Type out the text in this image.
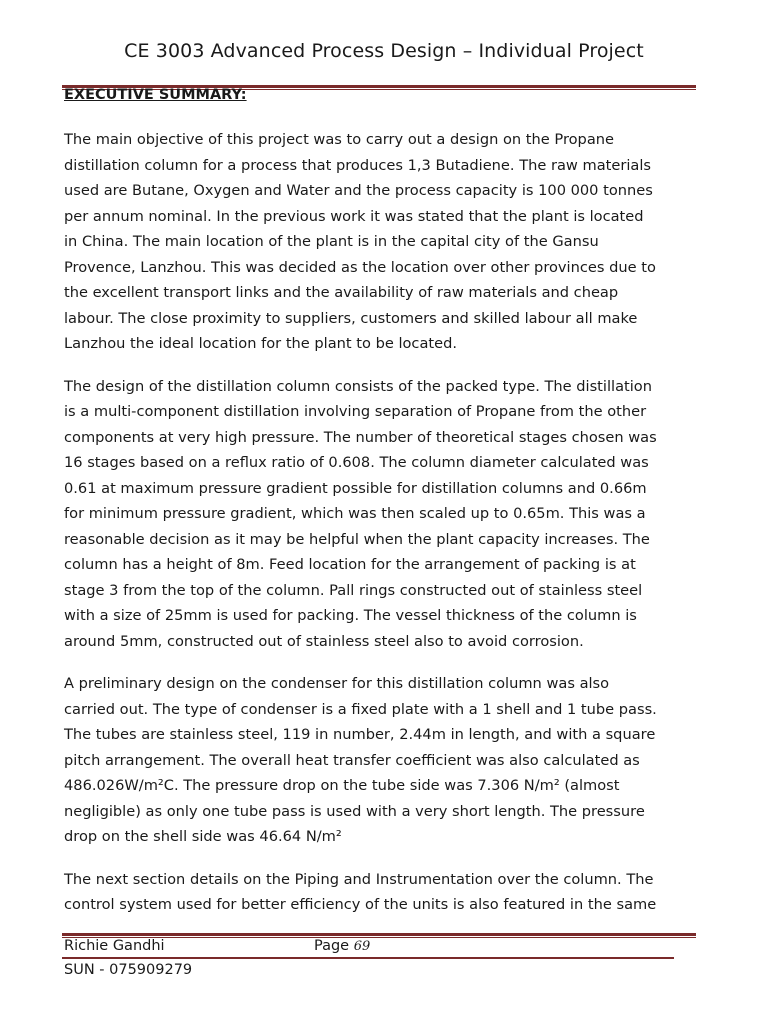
CE 3003 Advanced Process Design – Individual Project
EXECUTIVE SUMMARY:

The main objective of this project was to carry out a design on the Propane
distillation column for a process that produces 1,3 Butadiene. The raw materials
used are Butane, Oxygen and Water and the process capacity is 100 000 tonnes
per annum nominal. In the previous work it was stated that the plant is located
in China. The main location of the plant is in the capital city of the Gansu
Provence, Lanzhou. This was decided as the location over other provinces due to
the excellent transport links and the availability of raw materials and cheap
labour. The close proximity to suppliers, customers and skilled labour all make
Lanzhou the ideal location for the plant to be located.

The design of the distillation column consists of the packed type. The distillation
is a multi-component distillation involving separation of Propane from the other
components at very high pressure. The number of theoretical stages chosen was
16 stages based on a reflux ratio of 0.608. The column diameter calculated was
0.61 at maximum pressure gradient possible for distillation columns and 0.66m
for minimum pressure gradient, which was then scaled up to 0.65m. This was a
reasonable decision as it may be helpful when the plant capacity increases. The
column has a height of 8m. Feed location for the arrangement of packing is at
stage 3 from the top of the column. Pall rings constructed out of stainless steel
with a size of 25mm is used for packing. The vessel thickness of the column is
around 5mm, constructed out of stainless steel also to avoid corrosion.

A preliminary design on the condenser for this distillation column was also
carried out. The type of condenser is a fixed plate with a 1 shell and 1 tube pass.
The tubes are stainless steel, 119 in number, 2.44m in length, and with a square
pitch arrangement. The overall heat transfer coefficient was also calculated as
486.026W/m²C. The pressure drop on the tube side was 7.306 N/m² (almost
negligible) as only one tube pass is used with a very short length. The pressure
drop on the shell side was 46.64 N/m²

The next section details on the Piping and Instrumentation over the column. The
control system used for better efficiency of the units is also featured in the same

Richie Gandhi	Page 69
SUN - 075909279
